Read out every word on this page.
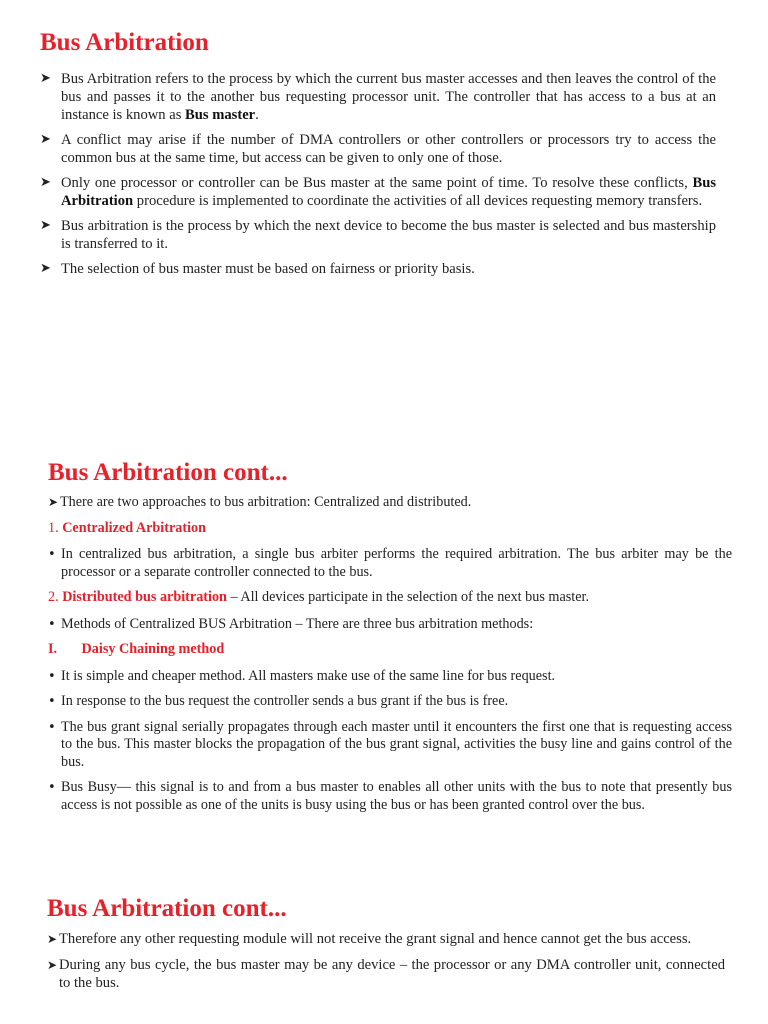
Bus Arbitration
➤ Bus Arbitration refers to the process by which the current bus master accesses and then leaves the control of the bus and passes it to the another bus requesting processor unit. The controller that has access to a bus at an instance is known as Bus master.
➤ A conflict may arise if the number of DMA controllers or other controllers or processors try to access the common bus at the same time, but access can be given to only one of those.
➤ Only one processor or controller can be Bus master at the same point of time. To resolve these conflicts, Bus Arbitration procedure is implemented to coordinate the activities of all devices requesting memory transfers.
➤ Bus arbitration is the process by which the next device to become the bus master is selected and bus mastership is transferred to it.
➤ The selection of bus master must be based on fairness or priority basis.
Bus Arbitration cont...
➤ There are two approaches to bus arbitration: Centralized and distributed.
1. Centralized Arbitration
• In centralized bus arbitration, a single bus arbiter performs the required arbitration. The bus arbiter may be the processor or a separate controller connected to the bus.
2. Distributed bus arbitration – All devices participate in the selection of the next bus master.
• Methods of Centralized BUS Arbitration – There are three bus arbitration methods:
I. Daisy Chaining method
• It is simple and cheaper method. All masters make use of the same line for bus request.
• In response to the bus request the controller sends a bus grant if the bus is free.
• The bus grant signal serially propagates through each master until it encounters the first one that is requesting access to the bus. This master blocks the propagation of the bus grant signal, activities the busy line and gains control of the bus.
• Bus Busy— this signal is to and from a bus master to enables all other units with the bus to note that presently bus access is not possible as one of the units is busy using the bus or has been granted control over the bus.
Bus Arbitration cont...
➤ Therefore any other requesting module will not receive the grant signal and hence cannot get the bus access.
➤ During any bus cycle, the bus master may be any device – the processor or any DMA controller unit, connected to the bus.
